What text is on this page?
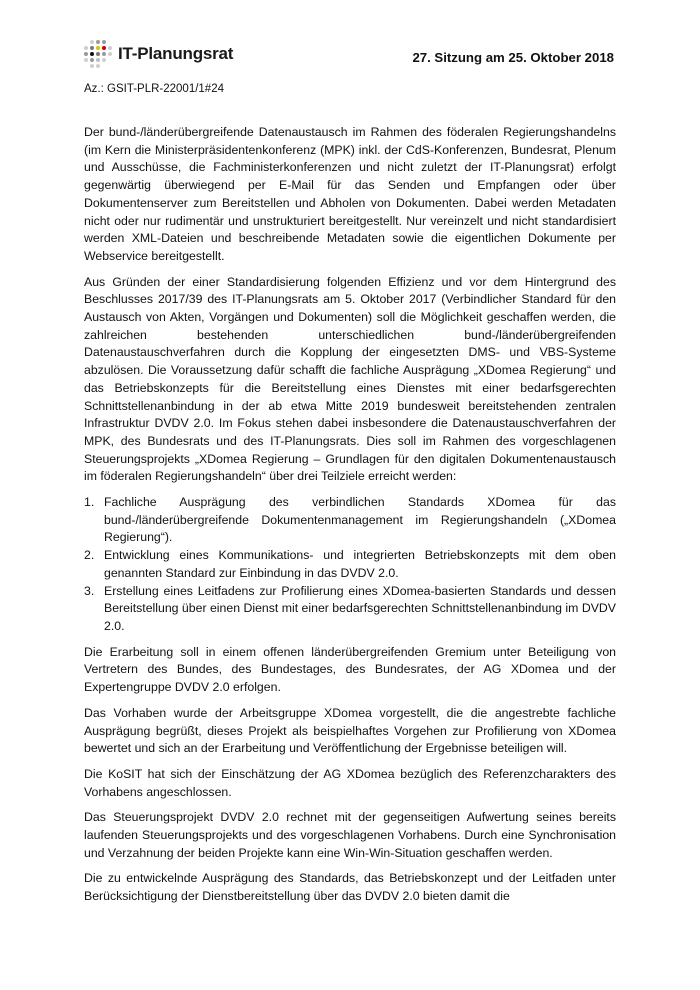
IT-Planungsrat	27. Sitzung am 25. Oktober 2018
Az.: GSIT-PLR-22001/1#24

Der bund-/länderübergreifende Datenaustausch im Rahmen des föderalen Regierungshandelns (im Kern die Ministerpräsidentenkonferenz (MPK) inkl. der CdS-Konferenzen, Bundesrat, Plenum und Ausschüsse, die Fachministerkonferenzen und nicht zuletzt der IT-Planungsrat) erfolgt gegenwärtig überwiegend per E-Mail für das Senden und Empfangen oder über Dokumentenserver zum Bereitstellen und Abholen von Dokumenten. Dabei werden Metadaten nicht oder nur rudimentär und unstrukturiert bereitgestellt. Nur vereinzelt und nicht standardisiert werden XML-Dateien und beschreibende Metadaten sowie die eigentlichen Dokumente per Webservice bereitgestellt.

Aus Gründen der einer Standardisierung folgenden Effizienz und vor dem Hintergrund des Beschlusses 2017/39 des IT-Planungsrats am 5. Oktober 2017 (Verbindlicher Standard für den Austausch von Akten, Vorgängen und Dokumenten) soll die Möglichkeit geschaffen werden, die zahlreichen bestehenden unterschiedlichen bund-/länderübergreifenden Datenaustauschverfahren durch die Kopplung der eingesetzten DMS- und VBS-Systeme abzulösen. Die Voraussetzung dafür schafft die fachliche Ausprägung „XDomea Regierung“ und das Betriebskonzepts für die Bereitstellung eines Dienstes mit einer bedarfsgerechten Schnittstellenanbindung in der ab etwa Mitte 2019 bundesweit bereitstehenden zentralen Infrastruktur DVDV 2.0. Im Fokus stehen dabei insbesondere die Datenaustauschverfahren der MPK, des Bundesrats und des IT-Planungsrats. Dies soll im Rahmen des vorgeschlagenen Steuerungsprojekts „XDomea Regierung – Grundlagen für den digitalen Dokumentenaustausch im föderalen Regierungshandeln“ über drei Teilziele erreicht werden:

1. Fachliche Ausprägung des verbindlichen Standards XDomea für das bund-/länderübergreifende Dokumentenmanagement im Regierungshandeln („XDomea Regierung“).
2. Entwicklung eines Kommunikations- und integrierten Betriebskonzepts mit dem oben genannten Standard zur Einbindung in das DVDV 2.0.
3. Erstellung eines Leitfadens zur Profilierung eines XDomea-basierten Standards und dessen Bereitstellung über einen Dienst mit einer bedarfsgerechten Schnittstellenanbindung im DVDV 2.0.

Die Erarbeitung soll in einem offenen länderübergreifenden Gremium unter Beteiligung von Vertretern des Bundes, des Bundestages, des Bundesrates, der AG XDomea und der Expertengruppe DVDV 2.0 erfolgen.

Das Vorhaben wurde der Arbeitsgruppe XDomea vorgestellt, die die angestrebte fachliche Ausprägung begrüßt, dieses Projekt als beispielhaftes Vorgehen zur Profilierung von XDomea bewertet und sich an der Erarbeitung und Veröffentlichung der Ergebnisse beteiligen will.

Die KoSIT hat sich der Einschätzung der AG XDomea bezüglich des Referenzcharakters des Vorhabens angeschlossen.

Das Steuerungsprojekt DVDV 2.0 rechnet mit der gegenseitigen Aufwertung seines bereits laufenden Steuerungsprojekts und des vorgeschlagenen Vorhabens. Durch eine Synchronisation und Verzahnung der beiden Projekte kann eine Win-Win-Situation geschaffen werden.

Die zu entwickelnde Ausprägung des Standards, das Betriebskonzept und der Leitfaden unter Berücksichtigung der Dienstbereitstellung über das DVDV 2.0 bieten damit die
